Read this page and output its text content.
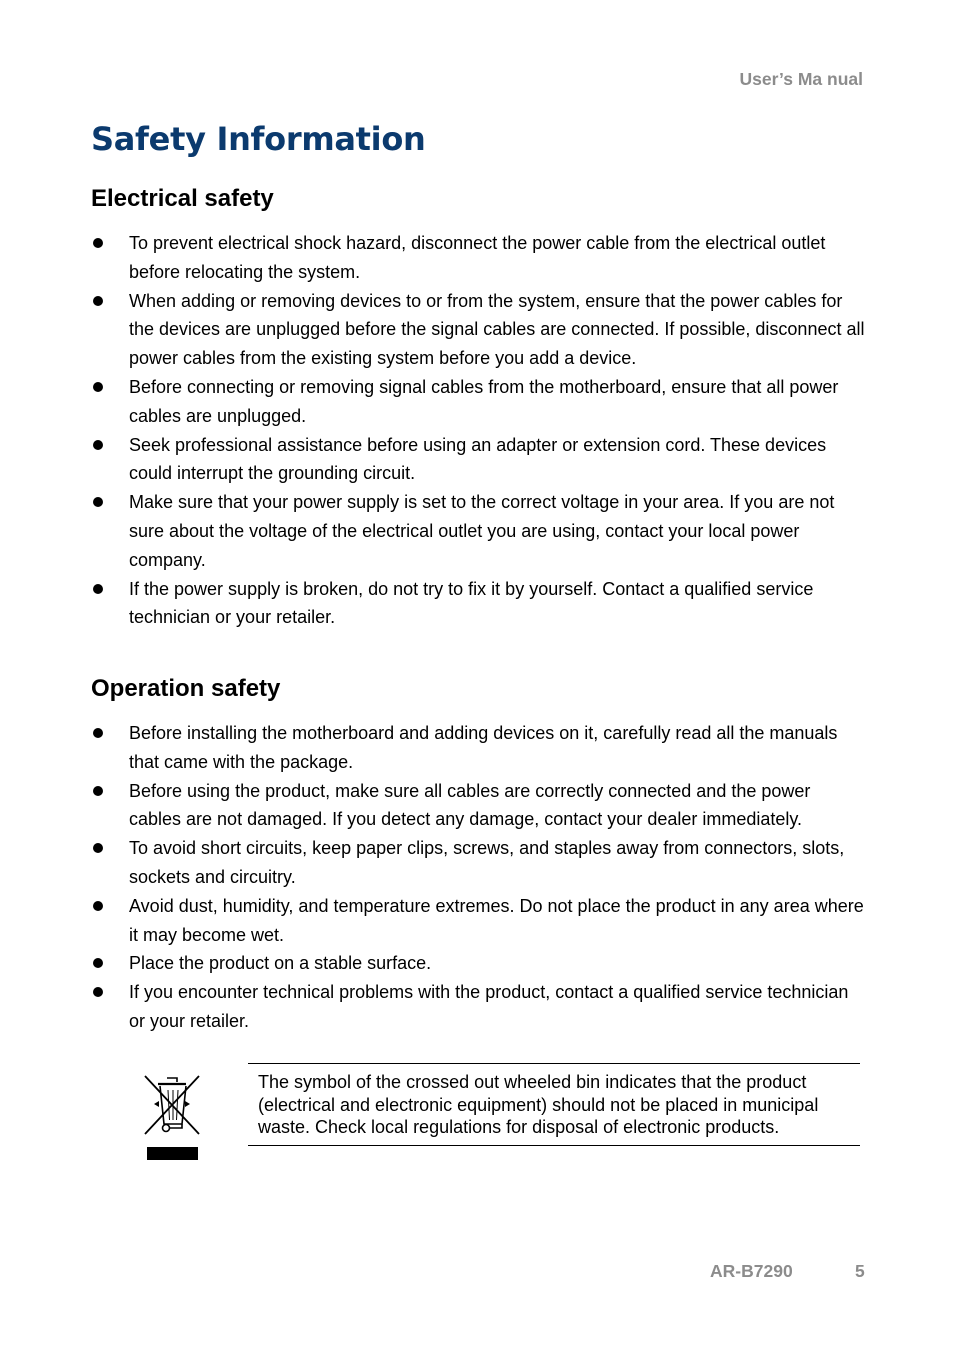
User’s Ma nual
Safety Information
Electrical safety
To prevent electrical shock hazard, disconnect the power cable from the electrical outlet before relocating the system.
When adding or removing devices to or from the system, ensure that the power cables for the devices are unplugged before the signal cables are connected. If possible, disconnect all power cables from the existing system before you add a device.
Before connecting or removing signal cables from the motherboard, ensure that all power cables are unplugged.
Seek professional assistance before using an adapter or extension cord. These devices could interrupt the grounding circuit.
Make sure that your power supply is set to the correct voltage in your area. If you are not sure about the voltage of the electrical outlet you are using, contact your local power company.
If the power supply is broken, do not try to fix it by yourself. Contact a qualified service technician or your retailer.
Operation safety
Before installing the motherboard and adding devices on it, carefully read all the manuals that came with the package.
Before using the product, make sure all cables are correctly connected and the power cables are not damaged. If you detect any damage, contact your dealer immediately.
To avoid short circuits, keep paper clips, screws, and staples away from connectors, slots, sockets and circuitry.
Avoid dust, humidity, and temperature extremes. Do not place the product in any area where it may become wet.
Place the product on a stable surface.
If you encounter technical problems with the product, contact a qualified service technician or your retailer.
The symbol of the crossed out wheeled bin indicates that the product (electrical and electronic equipment) should not be placed in municipal waste. Check local regulations for disposal of electronic products.
AR-B7290	5
